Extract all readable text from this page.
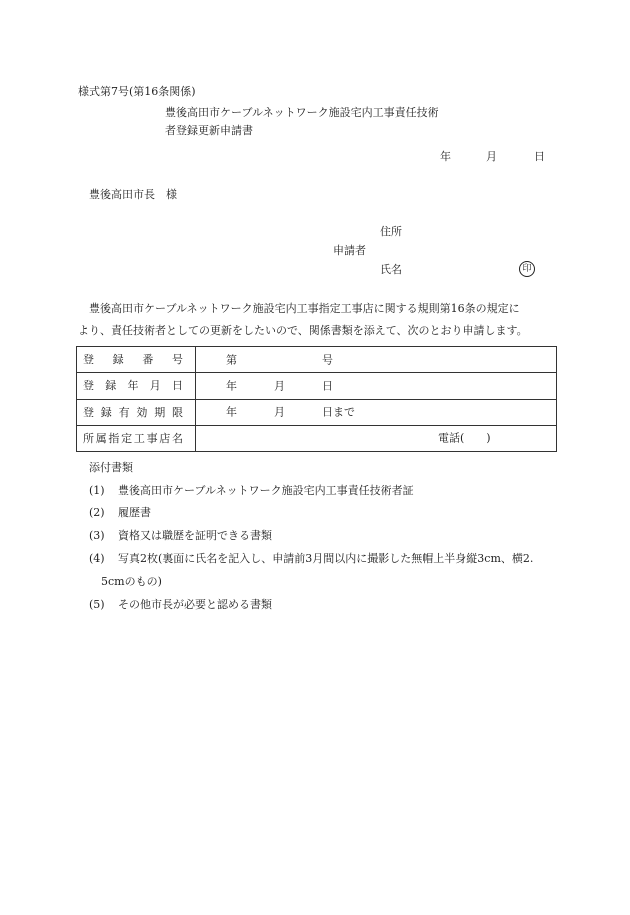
様式第7号(第16条関係)
豊後高田市ケーブルネットワーク施設宅内工事責任技術
者登録更新申請書
年	月	日
豊後高田市長　様
住所
申請者
氏名	印
豊後高田市ケーブルネットワーク施設宅内工事指定工事店に関する規則第16条の規定に
より、責任技術者としての更新をしたいので、関係書類を添えて、次のとおり申請します。
登録番号	第 号

登録年月日	年 月 日

登録有効期限	年 月 日まで

所属指定工事店名	電話(　　)
添付書類
(1) 豊後高田市ケーブルネットワーク施設宅内工事責任技術者証
(2) 履歴書
(3) 資格又は職歴を証明できる書類
(4) 写真2枚(裏面に氏名を記入し、申請前3月間以内に撮影した無帽上半身縦3cm、横2.
5cmのもの)
(5) その他市長が必要と認める書類
